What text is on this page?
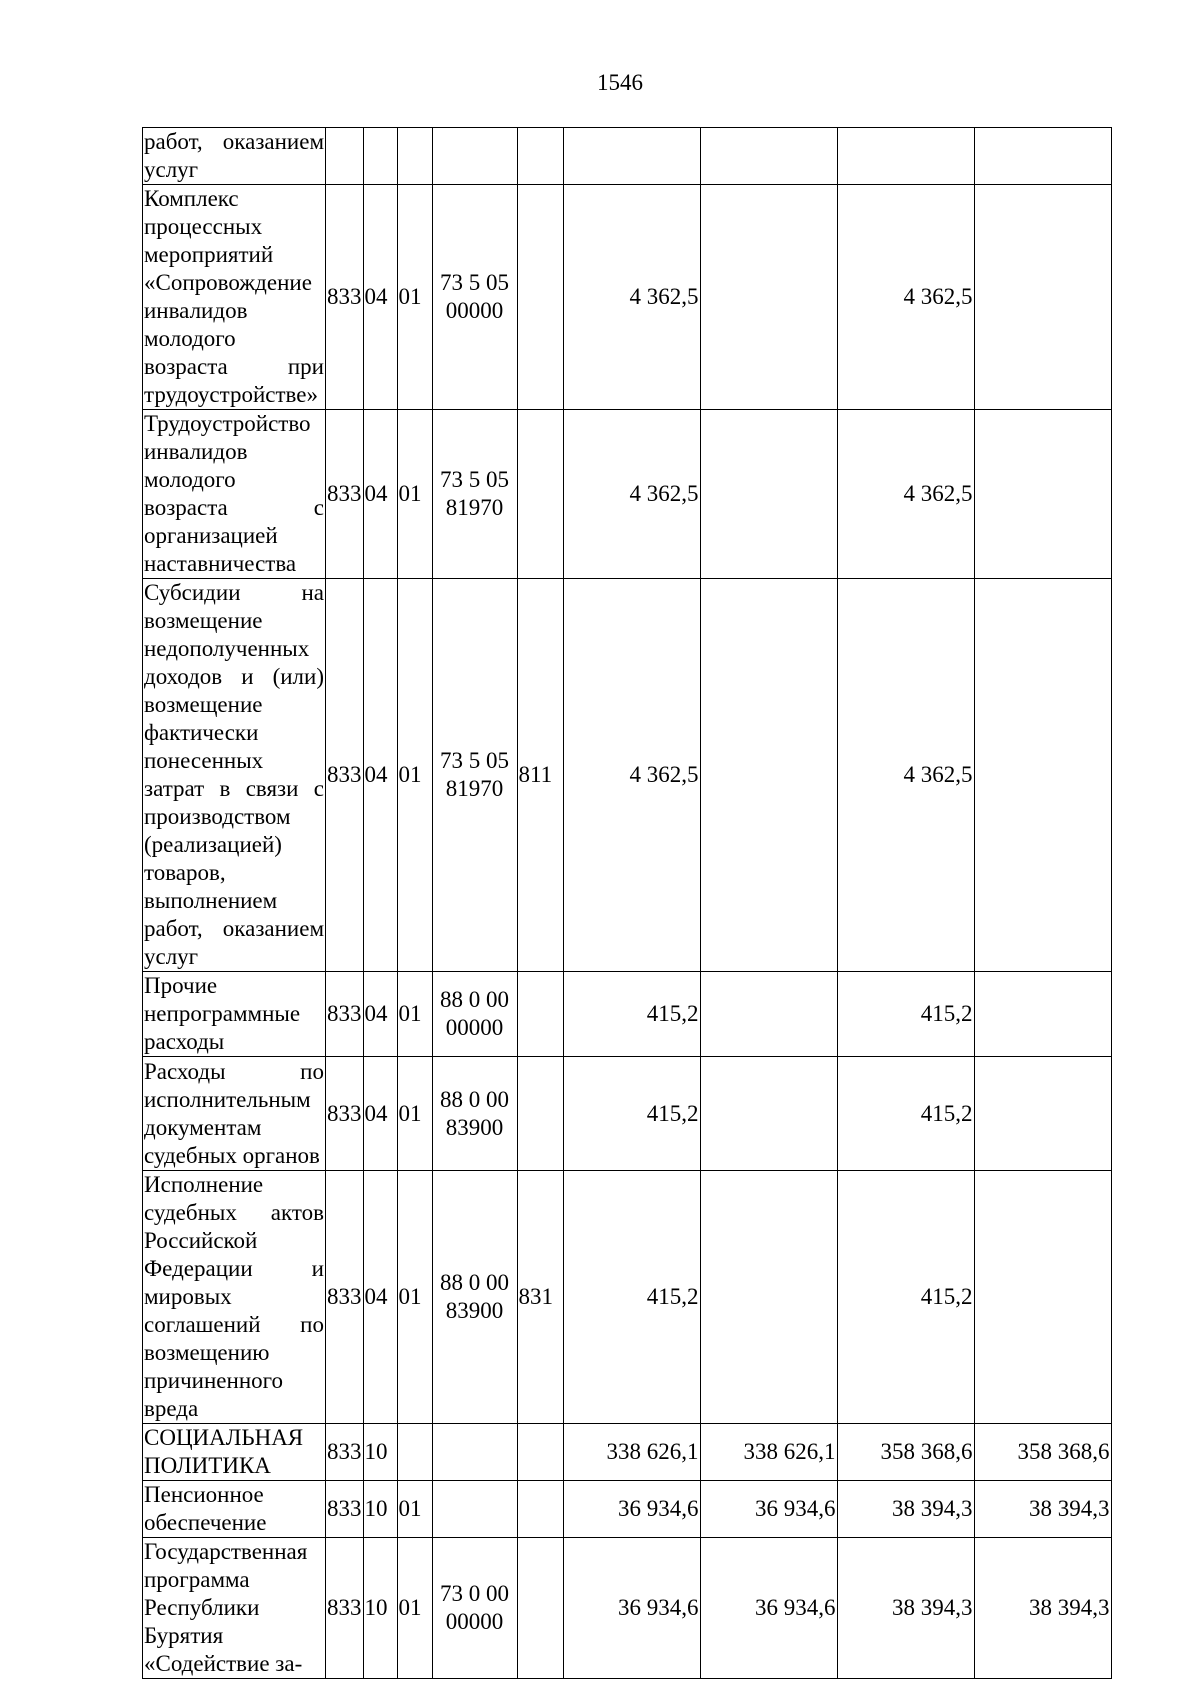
1546
работ, оказанием услуг									
Комплекс процессных мероприятий «Сопровождение инвалидов молодого возраста при трудоустройстве»	833	04	01	73 5 05 00000		4 362,5		4 362,5	
Трудоустройство инвалидов молодого возраста с организацией наставничества	833	04	01	73 5 05 81970		4 362,5		4 362,5	
Субсидии на возмещение недополученных доходов и (или) возмещение фактически понесенных затрат в связи с производством (реализацией) товаров, выполнением работ, оказанием услуг	833	04	01	73 5 05 81970	811	4 362,5		4 362,5	
Прочие непрограммные расходы	833	04	01	88 0 00 00000		415,2		415,2	
Расходы по исполнительным документам судебных органов	833	04	01	88 0 00 83900		415,2		415,2	
Исполнение судебных актов Российской Федерации и мировых соглашений по возмещению причиненного вреда	833	04	01	88 0 00 83900	831	415,2		415,2	
СОЦИАЛЬНАЯ ПОЛИТИКА	833	10				338 626,1	338 626,1	358 368,6	358 368,6
Пенсионное обеспечение	833	10	01			36 934,6	36 934,6	38 394,3	38 394,3
Государственная программа Республики Бурятия «Содействие за-	833	10	01	73 0 00 00000		36 934,6	36 934,6	38 394,3	38 394,3
